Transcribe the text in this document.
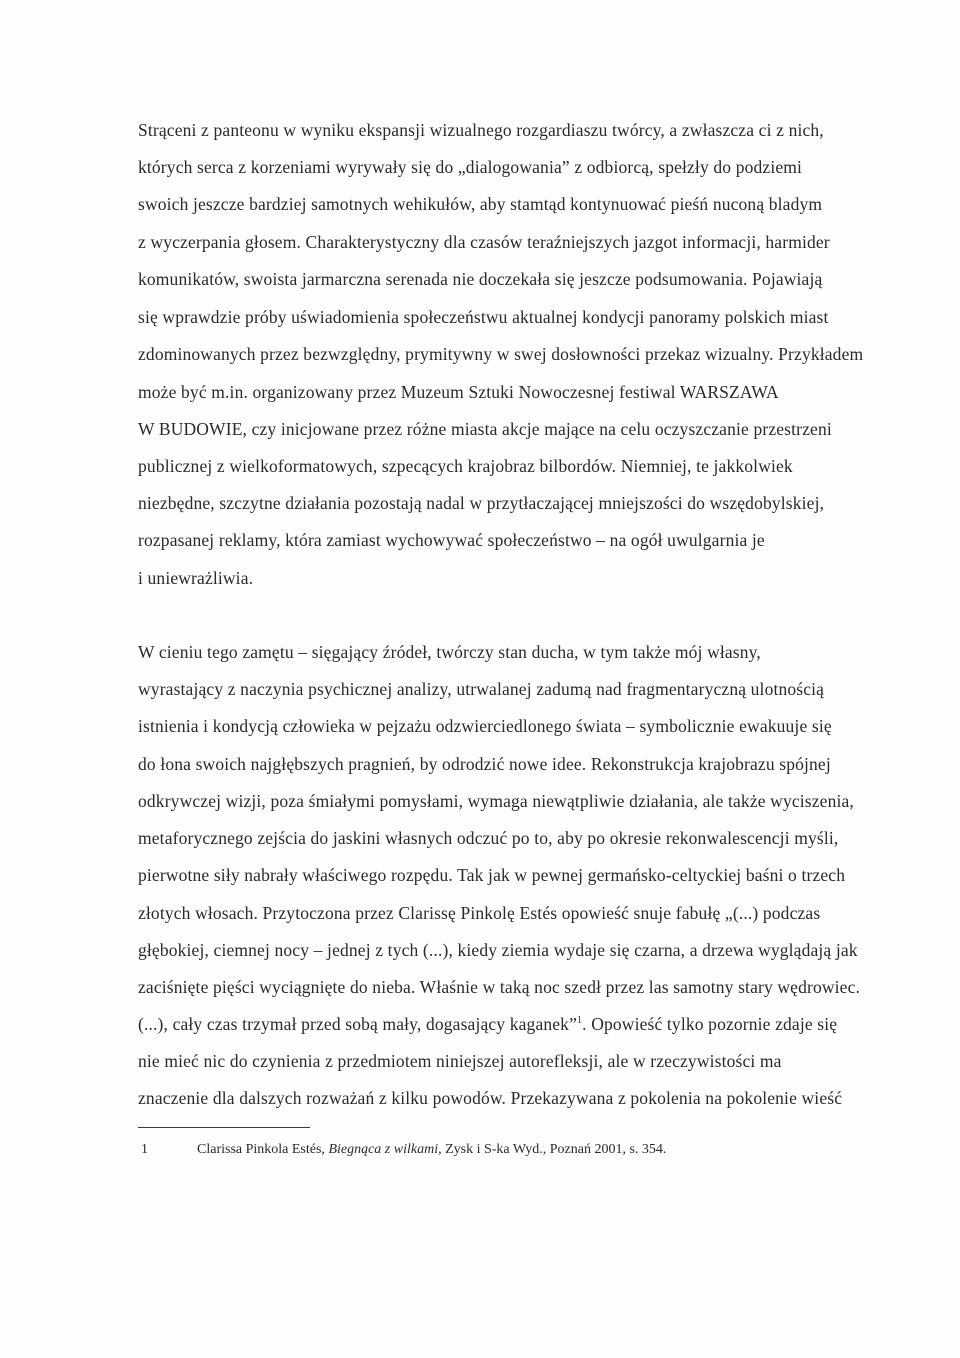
Strąceni z panteonu w wyniku ekspansji wizualnego rozgardiaszu twórcy, a zwłaszcza ci z nich,
których serca z korzeniami wyrywały się do „dialogowania” z odbiorcą, spełzły do podziemi
swoich jeszcze bardziej samotnych wehikułów, aby stamtąd kontynuować pieśń nuconą bladym
z wyczerpania głosem. Charakterystyczny dla czasów teraźniejszych jazgot informacji, harmider
komunikatów, swoista jarmarczna serenada nie doczekała się jeszcze podsumowania. Pojawiają
się wprawdzie próby uświadomienia społeczeństwu aktualnej kondycji panoramy polskich miast
zdominowanych przez bezwzględny, prymitywny w swej dosłowności przekaz wizualny. Przykładem
może być m.in. organizowany przez Muzeum Sztuki Nowoczesnej festiwal WARSZAWA
W BUDOWIE, czy inicjowane przez różne miasta akcje mające na celu oczyszczanie przestrzeni
publicznej z wielkoformatowych, szpecących krajobraz bilbordów. Niemniej, te jakkolwiek
niezbędne, szczytne działania pozostają nadal w przytłaczającej mniejszości do wszędobylskiej,
rozpasanej reklamy, która zamiast wychowywać społeczeństwo – na ogół uwulgarnia je
i uniewrażliwia.
W cieniu tego zamętu – sięgający źródeł, twórczy stan ducha, w tym także mój własny,
wyrastający z naczynia psychicznej analizy, utrwalanej zadumą nad fragmentaryczną ulotnością
istnienia i kondycją człowieka w pejzażu odzwierciedlonego świata – symbolicznie ewakuuje się
do łona swoich najgłębszych pragnień, by odrodzić nowe idee. Rekonstrukcja krajobrazu spójnej
odkrywczej wizji, poza śmiałymi pomysłami, wymaga niewątpliwie działania, ale także wyciszenia,
metaforycznego zejścia do jaskini własnych odczuć po to, aby po okresie rekonwalescencji myśli,
pierwotne siły nabrały właściwego rozpędu. Tak jak w pewnej germańsko-celtyckiej baśni o trzech
złotych włosach. Przytoczona przez Clarissę Pinkolę Estés opowieść snuje fabułę „(...) podczas
głębokiej, ciemnej nocy – jednej z tych (...), kiedy ziemia wydaje się czarna, a drzewa wyglądają jak
zaciśnięte pięści wyciągnięte do nieba. Właśnie w taką noc szedł przez las samotny stary wędrowiec.
(...), cały czas trzymał przed sobą mały, dogasający kaganek”$^1$. Opowieść tylko pozornie zdaje się
nie mieć nic do czynienia z przedmiotem niniejszej autorefleksji, ale w rzeczywistości ma
znaczenie dla dalszych rozważań z kilku powodów. Przekazywana z pokolenia na pokolenie wieść
1	Clarissa Pinkola Estés, Biegnąca z wilkami, Zysk i S-ka Wyd., Poznań 2001, s. 354.
